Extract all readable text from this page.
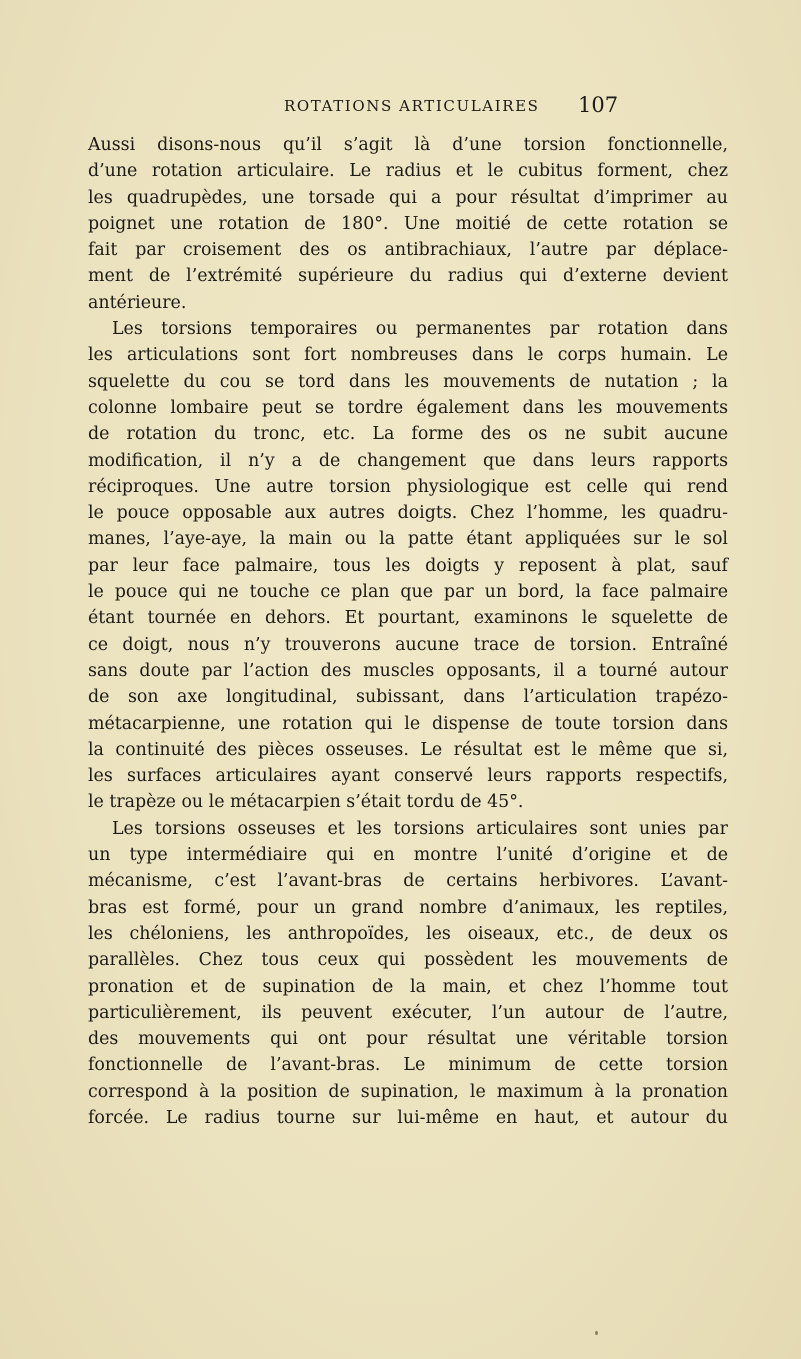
ROTATIONS ARTICULAIRES 107
Aussi disons-nous qu’il s’agit là d’une torsion fonctionnelle,
d’une rotation articulaire. Le radius et le cubitus forment, chez
les quadrupèdes, une torsade qui a pour résultat d’imprimer au
poignet une rotation de 180°. Une moitié de cette rotation se
fait par croisement des os antibrachiaux, l’autre par déplace-
ment de l’extrémité supérieure du radius qui d’externe devient
antérieure.
Les torsions temporaires ou permanentes par rotation dans
les articulations sont fort nombreuses dans le corps humain. Le
squelette du cou se tord dans les mouvements de nutation ; la
colonne lombaire peut se tordre également dans les mouvements
de rotation du tronc, etc. La forme des os ne subit aucune
modification, il n’y a de changement que dans leurs rapports
réciproques. Une autre torsion physiologique est celle qui rend
le pouce opposable aux autres doigts. Chez l’homme, les quadru-
manes, l’aye-aye, la main ou la patte étant appliquées sur le sol
par leur face palmaire, tous les doigts y reposent à plat, sauf
le pouce qui ne touche ce plan que par un bord, la face palmaire
étant tournée en dehors. Et pourtant, examinons le squelette de
ce doigt, nous n’y trouverons aucune trace de torsion. Entraîné
sans doute par l’action des muscles opposants, il a tourné autour
de son axe longitudinal, subissant, dans l’articulation trapézo-
métacarpienne, une rotation qui le dispense de toute torsion dans
la continuité des pièces osseuses. Le résultat est le même que si,
les surfaces articulaires ayant conservé leurs rapports respectifs,
le trapèze ou le métacarpien s’était tordu de 45°.
Les torsions osseuses et les torsions articulaires sont unies par
un type intermédiaire qui en montre l’unité d’origine et de
mécanisme, c’est l’avant-bras de certains herbivores. L’avant-
bras est formé, pour un grand nombre d’animaux, les reptiles,
les chéloniens, les anthropoïdes, les oiseaux, etc., de deux os
parallèles. Chez tous ceux qui possèdent les mouvements de
pronation et de supination de la main, et chez l’homme tout
particulièrement, ils peuvent exécuter, l’un autour de l’autre,
des mouvements qui ont pour résultat une véritable torsion
fonctionnelle de l’avant-bras. Le minimum de cette torsion
correspond à la position de supination, le maximum à la pronation
forcée. Le radius tourne sur lui-même en haut, et autour du
